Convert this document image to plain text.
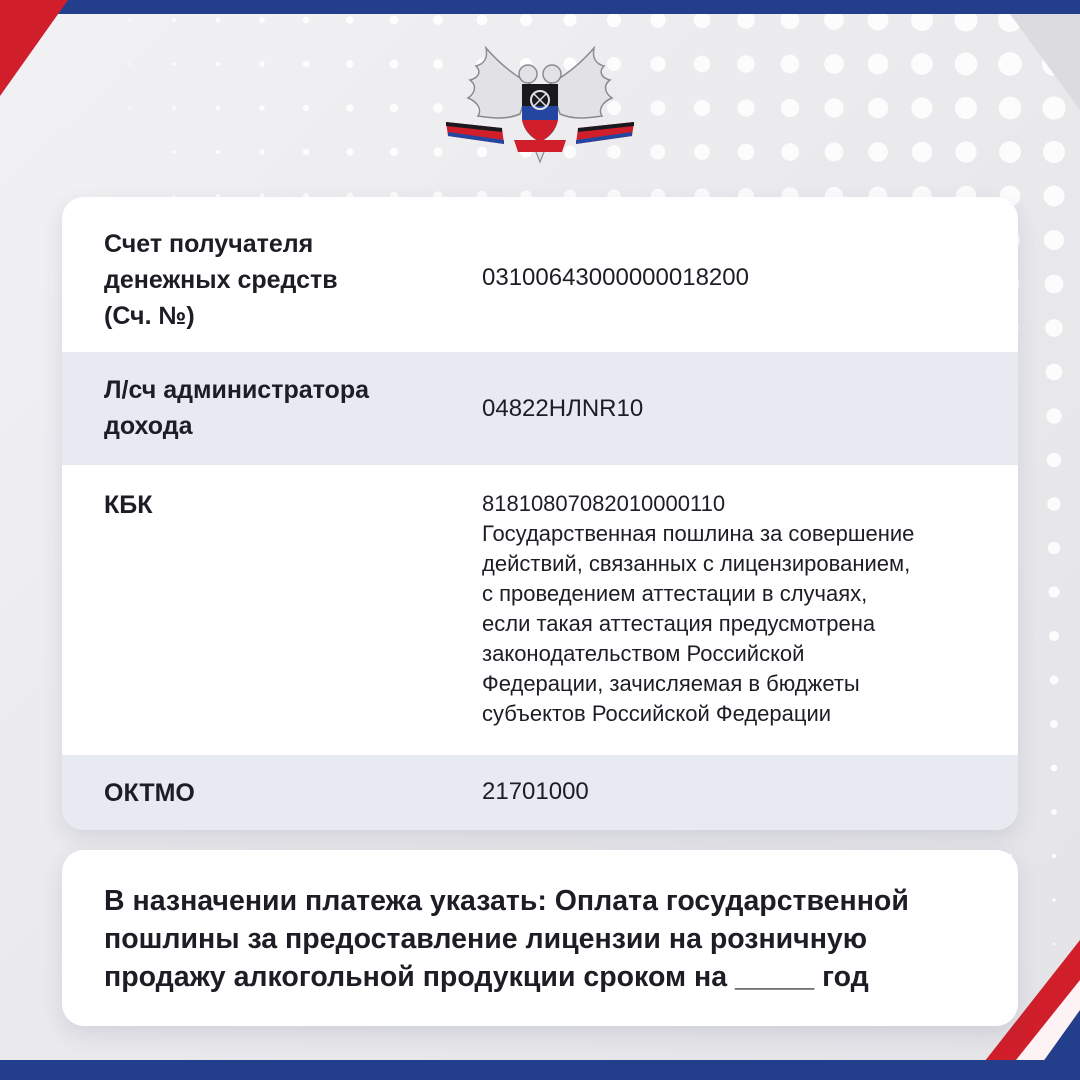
Счет получателя
денежных средств
(Сч. №)
03100643000000018200
Л/сч администратора
дохода
04822НЛNR10
КБК	81810807082010000110
Государственная пошлина за совершение
действий, связанных с лицензированием,
с проведением аттестации в случаях,
если такая аттестация предусмотрена
законодательством Российской
Федерации, зачисляемая в бюджеты
субъектов Российской Федерации
ОКТМО	21701000
В назначении платежа указать: Оплата государственной
пошлины за предоставление лицензии на розничную
продажу алкогольной продукции сроком на _____ год
